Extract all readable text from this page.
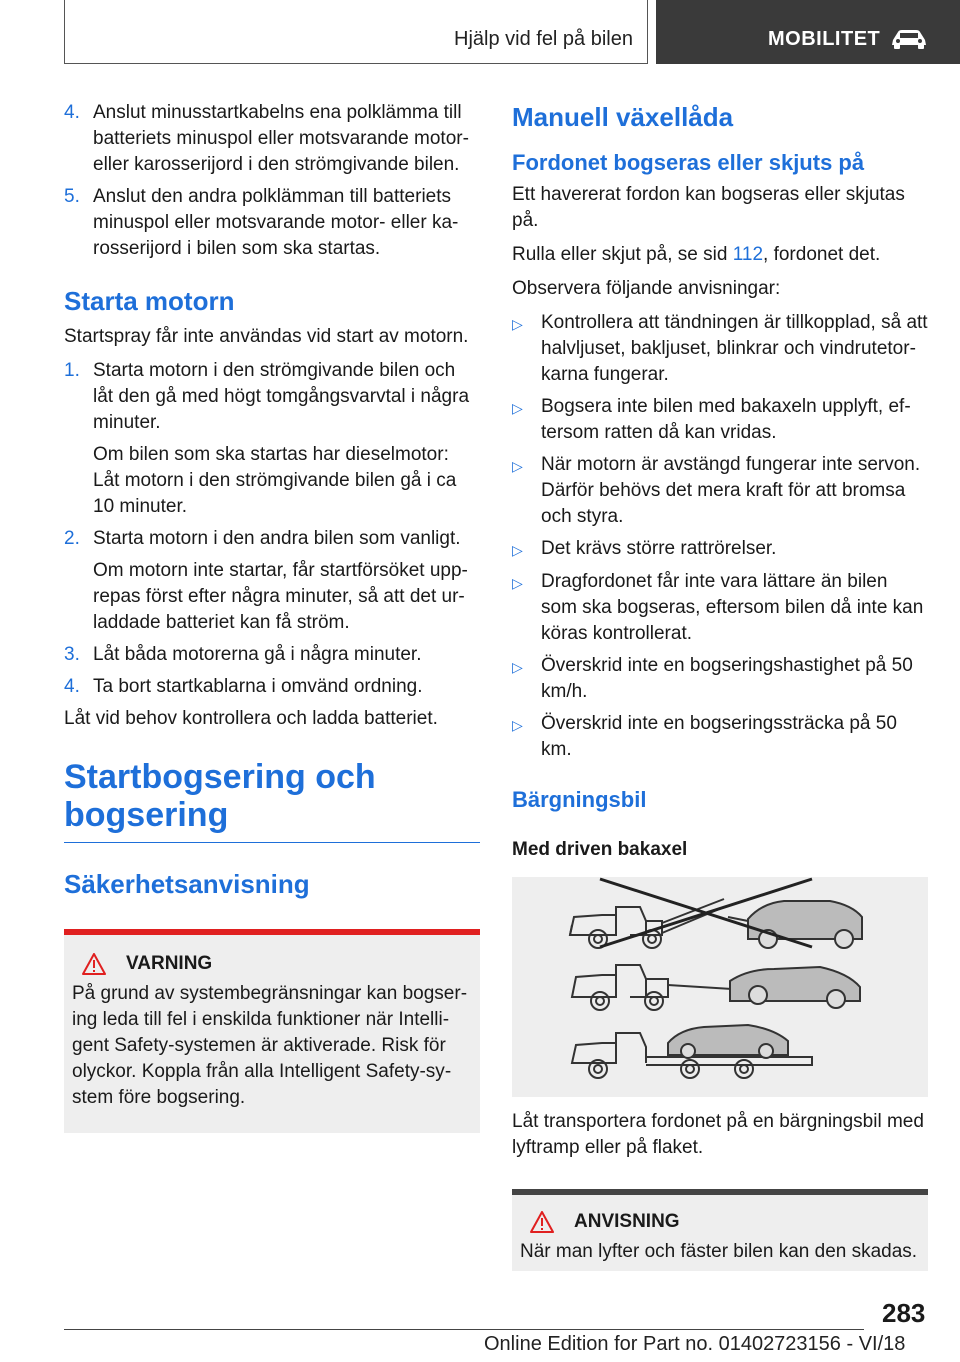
Hjälp vid fel på bilen	MOBILITET
4. Anslut minusstartkabelns ena polklämma till batteriets minuspol eller motsvarande motor- eller karosserijord i den strömgivande bilen.
5. Anslut den andra polklämman till batteriets minuspol eller motsvarande motor- eller karosserijord i bilen som ska startas.
Starta motorn

Startspray får inte användas vid start av motorn.

1. Starta motorn i den strömgivande bilen och låt den gå med högt tomgångsvarvtal i några minuter.
Om bilen som ska startas har dieselmotor: Låt motorn i den strömgivande bilen gå i ca 10 minuter.
2. Starta motorn i den andra bilen som vanligt.
Om motorn inte startar, får startförsöket upprepas först efter några minuter, så att det urladdade batteriet kan få ström.
3. Låt båda motorerna gå i några minuter.
4. Ta bort startkablarna i omvänd ordning.

Låt vid behov kontrollera och ladda batteriet.

Startbogsering och bogsering
Säkerhetsanvisning
VARNING

På grund av systembegränsningar kan bogsering leda till fel i enskilda funktioner när Intelligent Safety-systemen är aktiverade. Risk för olyckor. Koppla från alla Intelligent Safety-system före bogsering.

Manuell växellåda
Fordonet bogseras eller skjuts på

Ett havererat fordon kan bogseras eller skjutas på.

Rulla eller skjut på, se sid 112, fordonet det.

Observera följande anvisningar:

▷ Kontrollera att tändningen är tillkopplad, så att halvljuset, bakljuset, blinkrar och vindrutetorkarna fungerar.
▷ Bogsera inte bilen med bakaxeln upplyft, eftersom ratten då kan vridas.
▷ När motorn är avstängd fungerar inte servon. Därför behövs det mera kraft för att bromsa och styra.
▷ Det krävs större rattrörelser.
▷ Dragfordonet får inte vara lättare än bilen som ska bogseras, eftersom bilen då inte kan köras kontrollerat.
▷ Överskrid inte en bogseringshastighet på 50 km/h.
▷ Överskrid inte en bogseringssträcka på 50 km.
Bärgningsbil
Med driven bakaxel

Låt transportera fordonet på en bärgningsbil med lyftramp eller på flaket.

ANVISNING

När man lyfter och fäster bilen kan den skadas.

283
Online Edition for Part no. 01402723156 - VI/18
